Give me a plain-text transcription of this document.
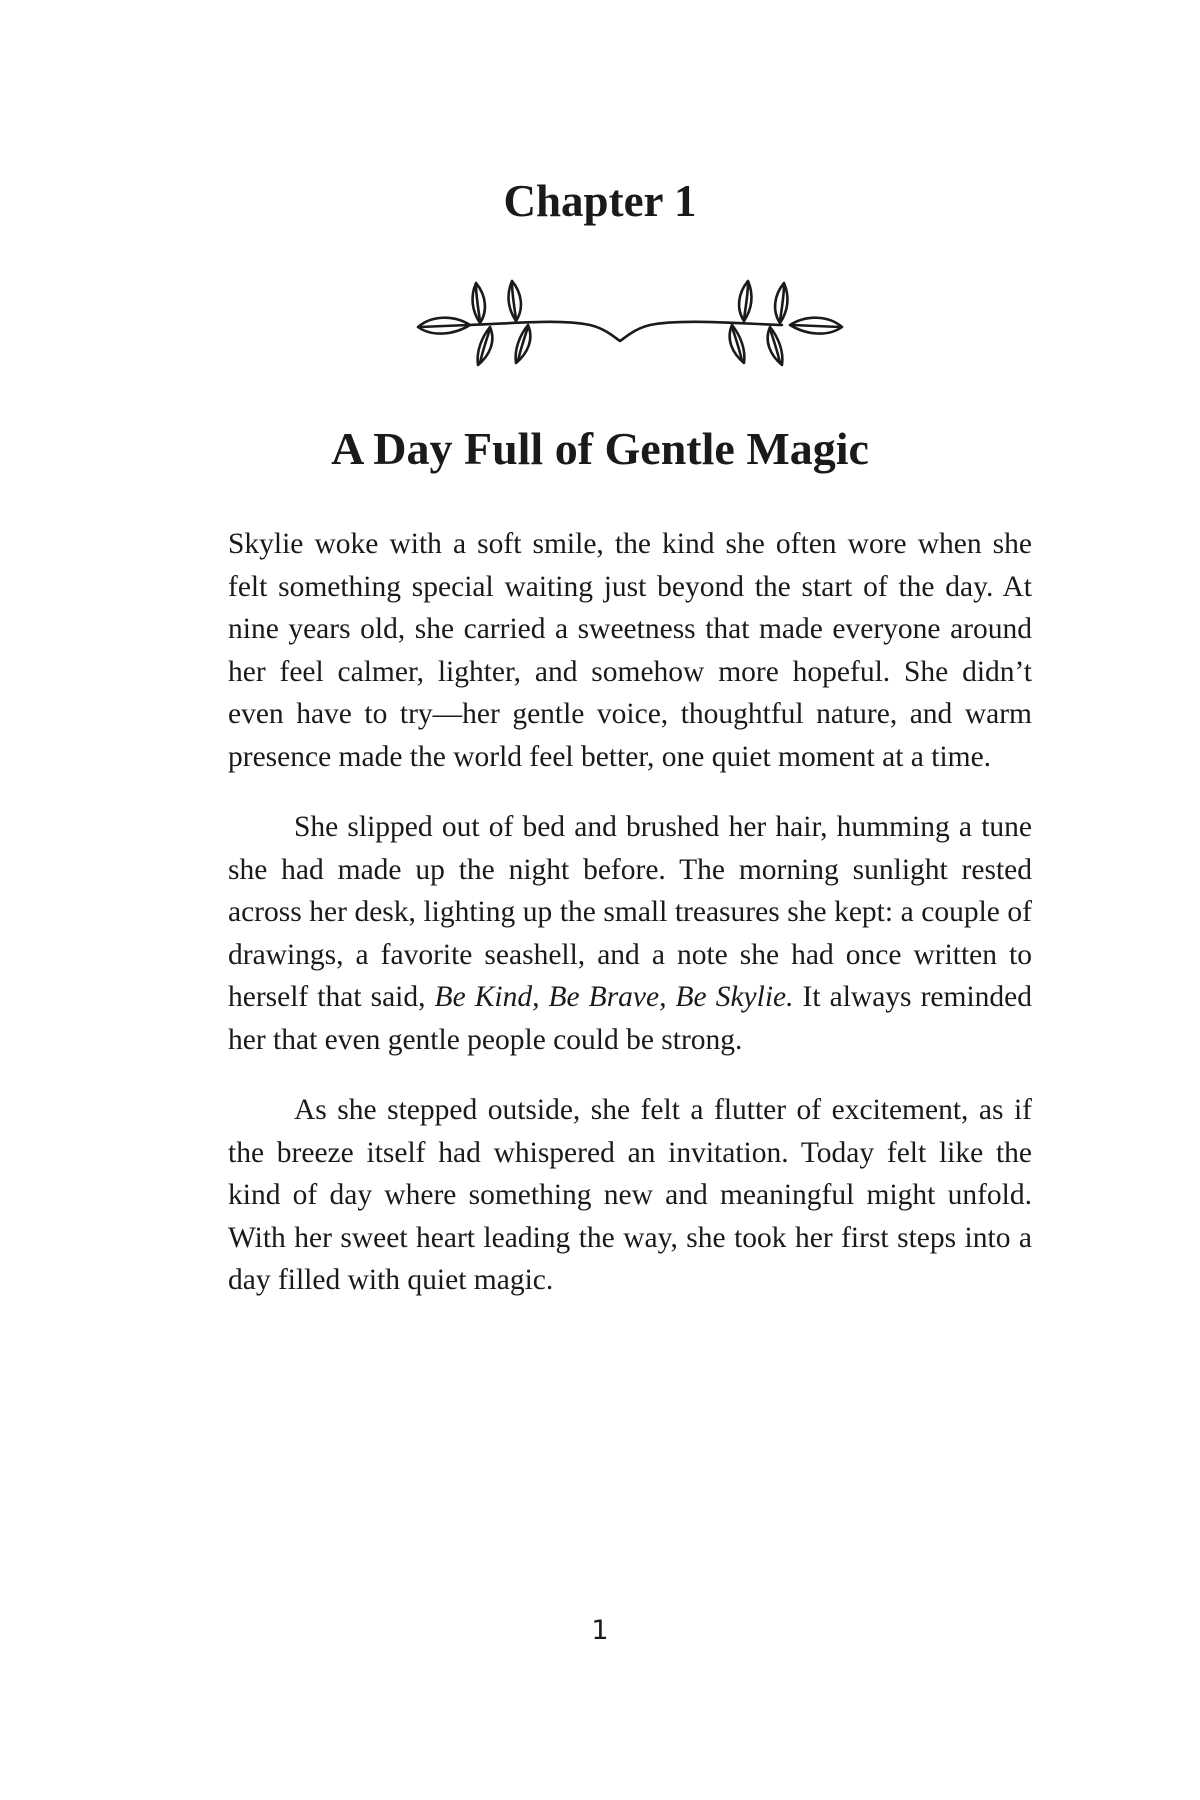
Chapter 1
A Day Full of Gentle Magic

Skylie woke with a soft smile, the kind she often wore when she felt something special waiting just beyond the start of the day. At nine years old, she carried a sweetness that made everyone around her feel calmer, lighter, and somehow more hopeful. She didn’t even have to try—her gentle voice, thoughtful nature, and warm presence made the world feel better, one quiet moment at a time.

She slipped out of bed and brushed her hair, humming a tune she had made up the night before. The morning sunlight rested across her desk, lighting up the small treasures she kept: a couple of drawings, a favorite seashell, and a note she had once written to herself that said, Be Kind, Be Brave, Be Skylie. It always reminded her that even gentle people could be strong.

As she stepped outside, she felt a flutter of excitement, as if the breeze itself had whispered an invitation. Today felt like the kind of day where something new and meaningful might unfold. With her sweet heart leading the way, she took her first steps into a day filled with quiet magic.

1
